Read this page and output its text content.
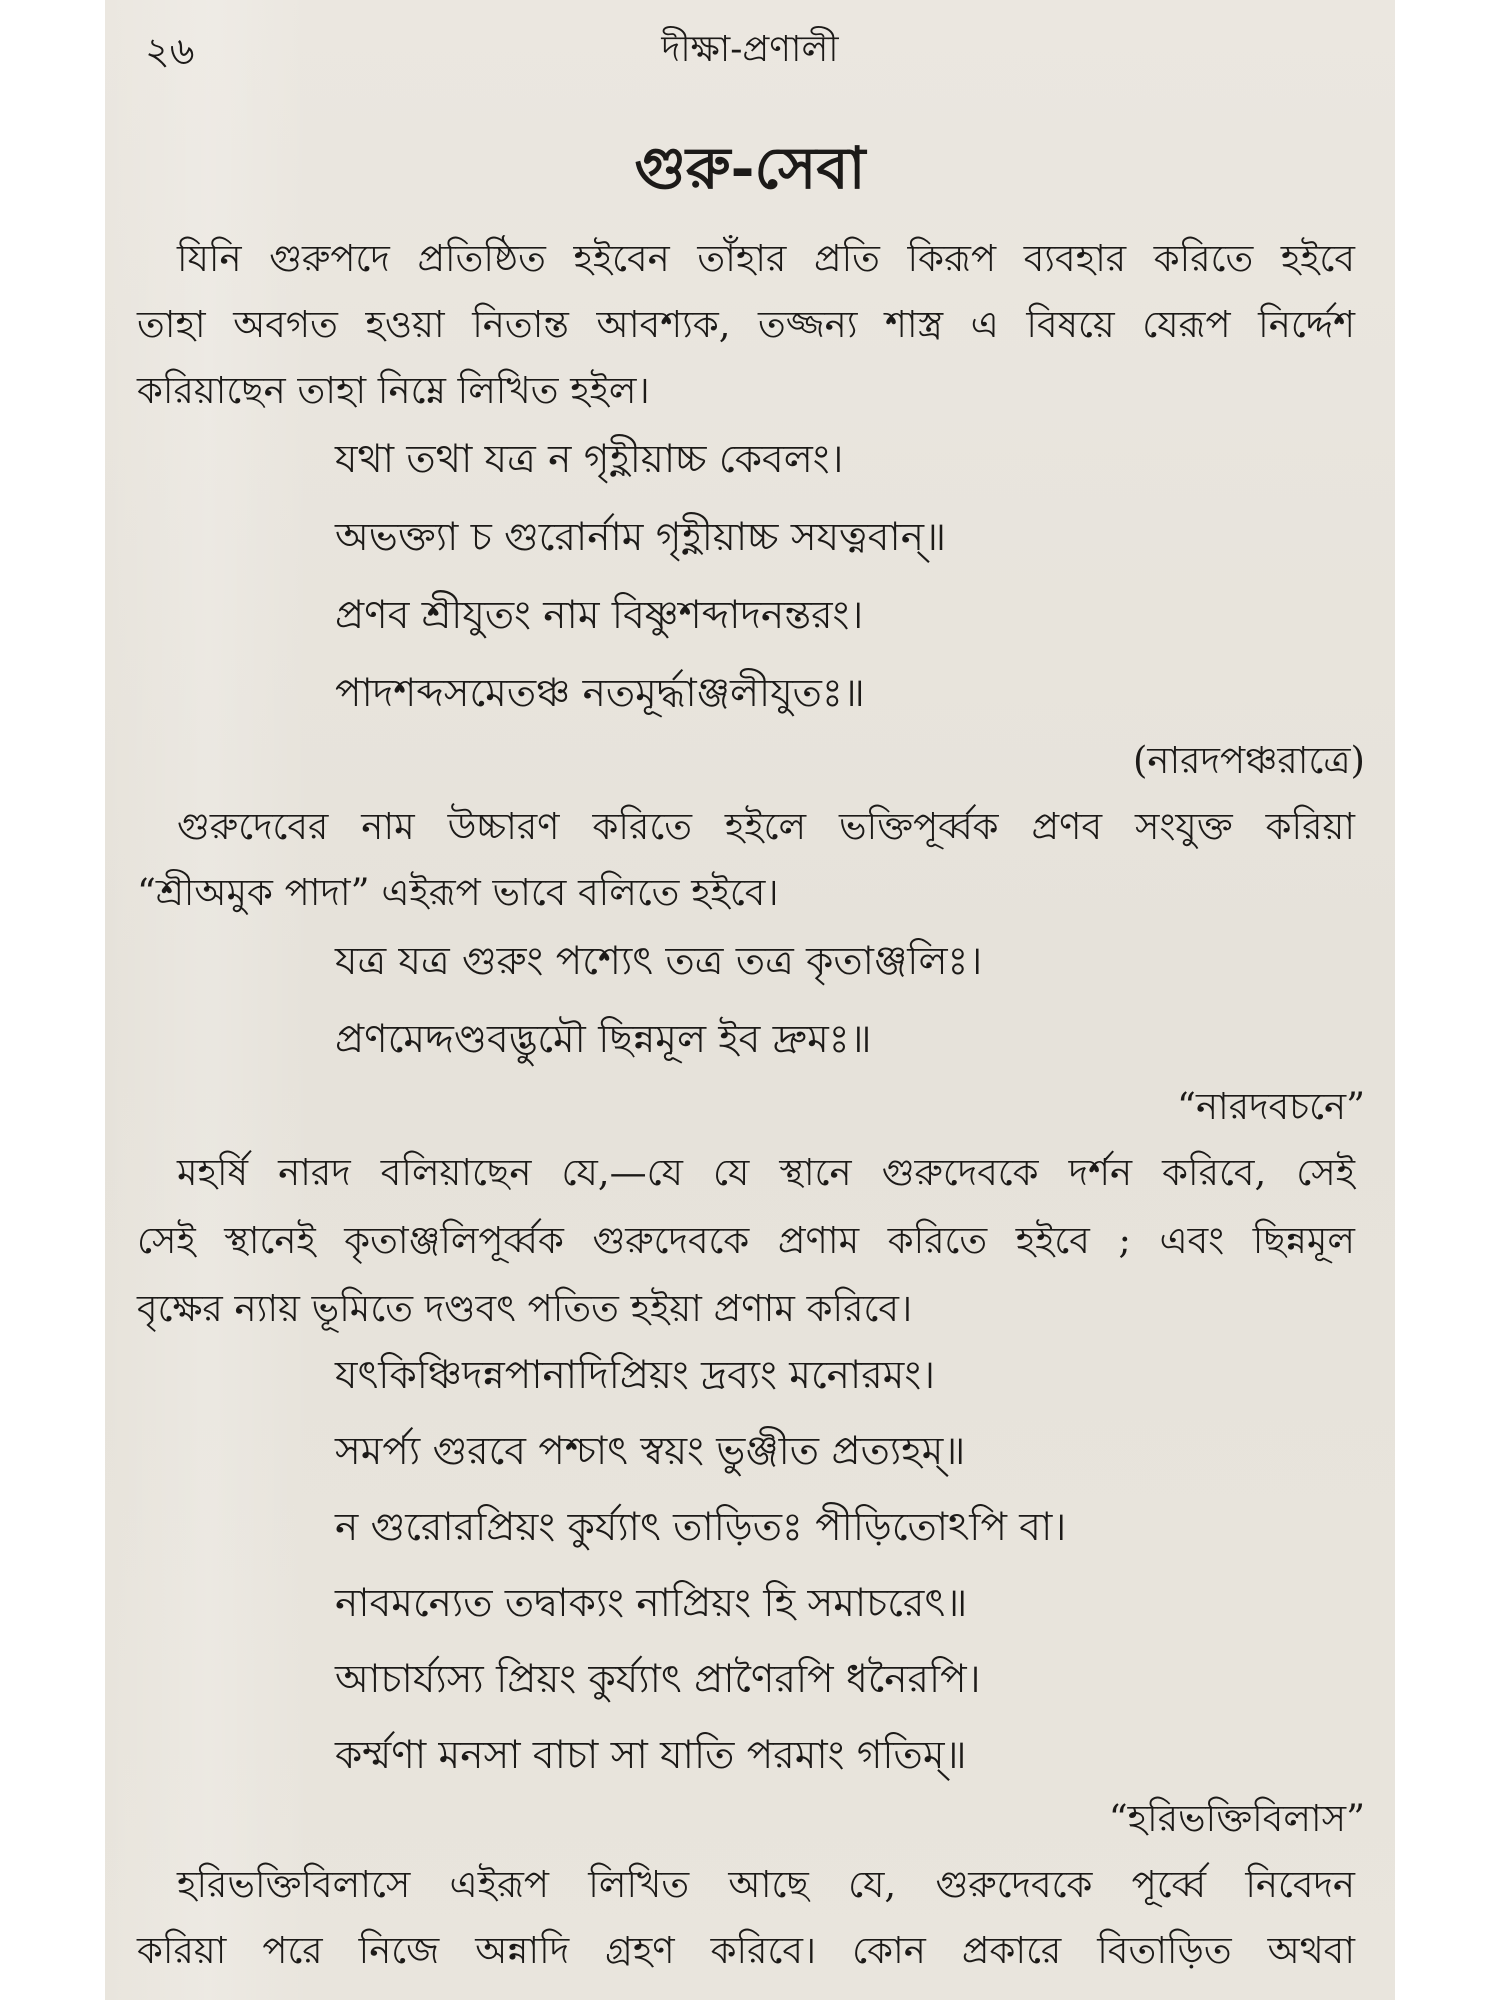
২৬	দীক্ষা-প্রণালী
গুরু-সেবা
যিনি গুরুপদে প্রতিষ্ঠিত হইবেন তাঁহার প্রতি কিরূপ ব্যবহার করিতে হইবে
তাহা অবগত হওয়া নিতান্ত আবশ্যক, তজ্জন্য শাস্ত্র এ বিষয়ে যেরূপ নির্দ্দেশ
করিয়াছেন তাহা নিম্নে লিখিত হইল।
যথা তথা যত্র ন গৃহ্ণীয়াচ্চ কেবলং।
অভক্ত্যা চ গুরোর্নাম গৃহ্ণীয়াচ্চ সযত্নবান্॥
প্রণব শ্রীযুতং নাম বিষ্ণুশব্দাদনন্তরং।
পাদশব্দসমেতঞ্চ নতমূর্দ্ধাঞ্জলীযুতঃ॥
(নারদপঞ্চরাত্রে)
গুরুদেবের নাম উচ্চারণ করিতে হইলে ভক্তিপূর্ব্বক প্রণব সংযুক্ত করিয়া
“শ্রীঅমুক পাদা” এইরূপ ভাবে বলিতে হইবে।
যত্র যত্র গুরুং পশ্যেৎ তত্র তত্র কৃতাঞ্জলিঃ।
প্রণমেদ্দণ্ডবদ্ভুমৌ ছিন্নমূল ইব দ্রুমঃ॥
“নারদবচনে”
মহর্ষি নারদ বলিয়াছেন যে,—যে যে স্থানে গুরুদেবকে দর্শন করিবে, সেই
সেই স্থানেই কৃতাঞ্জলিপূর্ব্বক গুরুদেবকে প্রণাম করিতে হইবে ; এবং ছিন্নমূল
বৃক্ষের ন্যায় ভূমিতে দণ্ডবৎ পতিত হইয়া প্রণাম করিবে।
যৎকিঞ্চিদন্নপানাদিপ্রিয়ং দ্রব্যং মনোরমং।
সমর্প্য গুরবে পশ্চাৎ স্বয়ং ভুঞ্জীত প্রত্যহম্॥
ন গুরোরপ্রিয়ং কুর্য্যাৎ তাড়িতঃ পীড়িতোঽপি বা।
নাবমন্যেত তদ্বাক্যং নাপ্রিয়ং হি সমাচরেৎ॥
আচার্য্যস্য প্রিয়ং কুর্য্যাৎ প্রাণৈরপি ধনৈরপি।
কর্ম্মণা মনসা বাচা সা যাতি পরমাং গতিম্॥
“হরিভক্তিবিলাস”
হরিভক্তিবিলাসে এইরূপ লিখিত আছে যে, গুরুদেবকে পূর্ব্বে নিবেদন
করিয়া পরে নিজে অন্নাদি গ্রহণ করিবে। কোন প্রকারে বিতাড়িত অথবা
